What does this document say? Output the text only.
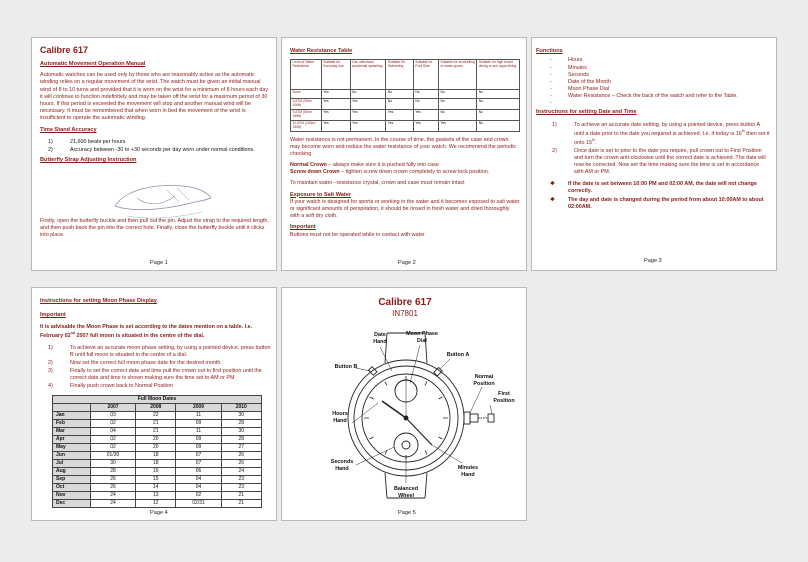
Calibre 617
Automatic Movement Operation Manual

Automatic watches can be used only by those who are reasonably active as the automatic winding relies on a regular movement of the wrist. The watch must be given an initial manual wind of 8 to 10 turns and provided that it is worn on the wrist for a minimum of 8 hours each day it will continue to function indefinitely and may be taken off the wrist for a maximum period of 30 hours. If this period is exceeded the movement will stop and another manual wind will be necessary. It must be remembered that when worn in bed the movement of the wrist is insufficient to operate the automatic winding.

Time Stand Accuracy
1)	21,600 beats per hours
2)	Accuracy between -30 to +30 seconds per day worn under normal conditions.
Butterfly Strap Adjusting Instruction
~

Firstly, open the butterfly buckle and then pull out the pin. Adjust the strap to the required length, and then push back the pin into the correct hole. Finally, close the butterfly buckle until it clicks into place.

Page 1
Water Resistance Table
Level of Water Resistance	Suitable for Everyday use	Can withstand accidental splashing	Suitable for Swimming	Suitable for Pool Side	Suitable for snorkelling or water sports	Suitable for high board diving or sub aqua diving
None	Yes	No	No	No	No	No
3 ATM (30m/ 100ft)	Yes	Yes	No	No	No	No
5 ATM (50m/ 165ft)	Yes	Yes	Yes	Yes	No	No
10 ATM (100m/ 330ft)	Yes	Yes	Yes	Yes	Yes	No

Water resistance is not permanent. In the course of time, the gaskets of the case and crown may become worn and reduce the water resistance of your watch. We recommend the periodic checking

Normal Crown – always make sure it is pushed fully into case

Screw down Crown – tighten screw down crown completely to screw lock position.

To maintain water –resistance crystal, crown and case must remain intact

Exposure to Salt Water

If your watch is designed for sports or working in the water and it becomes exposed to salt water or significant amounts of perspiration, it should be rinsed in fresh water and dried thoroughly with a soft dry cloth.

Important

Buttons must not be operated while in contact with water

Page 2
Functions
-	Hours
-	Minutes
-	Seconds
-	Date of the Month
-	Moon Phase Dial
-	Water Resistance – Check the back of the watch and refer to the Table.
-
Instructions for setting Date and Time
1)	To achieve an accurate date setting, by using a pointed device, press button A until a date prior to the date you required is achieved. I.e. if today is 16th then set it onto 15th.
2)	Once date is set to prior to the date you require, pull crown out to First Position and turn the crown anti-clockwise until the correct date is achieved. The date will now be corrected. Now set the time making sure the time is set in accordance with AM or PM.
❖	If the date is set between 10:00 PM and 02:00 AM, the date will not change correctly.
❖	The day and date is changed during the period from about 10:00AM to about 02:00AM.
Page 3
Instructions for setting Moon Phase Display
Important

It is advisable the Moon Phase is set according to the dates mention on a table. I.e. February 02nd 2007 full moon is situated in the centre of the dial.

1)	To achieve an accurate moon phase setting, by using a pointed device, press button B until full moon is situated in the centre of a dial.
2)	Now set the correct full moon phase date for the desired month.
3)	Finally to set the correct date and time pull the crown out to first position until the correct date and time is shown making sure the time set to AM or PM
4)	Finally push crown back to Normal Position
Full Moon Dates				
	2007	2008	2009	2010
Jan	03	22	11	30
Feb	02	21	09	28
Mar	04	21	11	30
Apr	02	20	09	28
May	02	20	09	27
Jun	01/30	18	07	26
Jul	30	18	07	26
Aug	28	16	06	24
Sep	26	15	04	23
Oct	26	14	04	23
Nov	24	13	02	21
Dec	24	12	02/31	21
Page 4
Calibre 617
IN7801
Date
Hand
Moon Phase
Dial
Button A
Button B
Normal
Position
First
Position
Hours
Hand
Seconds
Hand	Minutes
Hand
Balanced
Wheel
Page 5
